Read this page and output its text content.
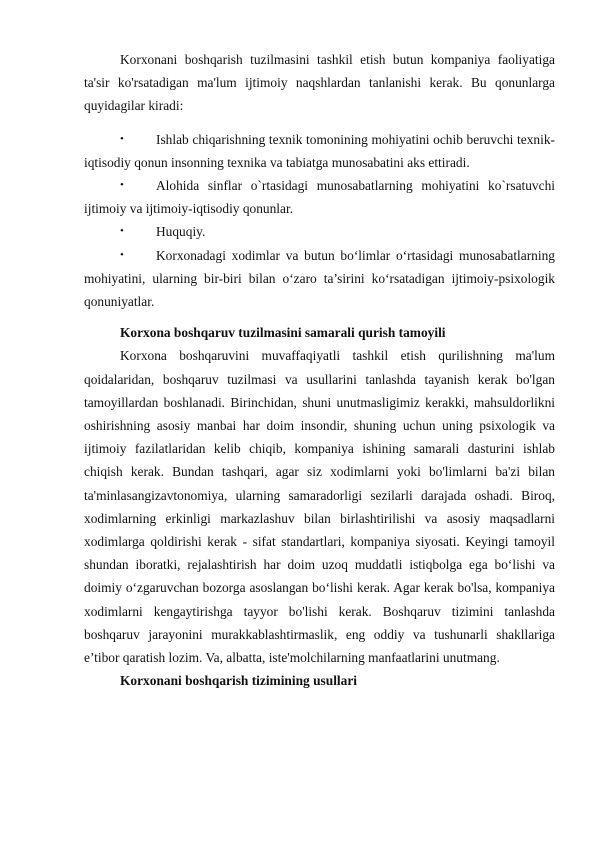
Korxonani boshqarish tuzilmasini tashkil etish butun kompaniya faoliyatiga ta'sir ko'rsatadigan ma'lum ijtimoiy naqshlardan tanlanishi kerak. Bu qonunlarga quyidagilar kiradi:

• Ishlab chiqarishning texnik tomonining mohiyatini ochib beruvchi texnik-iqtisodiy qonun insonning texnika va tabiatga munosabatini aks ettiradi.
• Alohida sinflar o`rtasidagi munosabatlarning mohiyatini ko`rsatuvchi ijtimoiy va ijtimoiy-iqtisodiy qonunlar.
• Huquqiy.
• Korxonadagi xodimlar va butun bo‘limlar o‘rtasidagi munosabatlarning mohiyatini, ularning bir-biri bilan o‘zaro ta’sirini ko‘rsatadigan ijtimoiy-psixologik qonuniyatlar.

Korxona boshqaruv tuzilmasini samarali qurish tamoyili

Korxona boshqaruvini muvaffaqiyatli tashkil etish qurilishning ma'lum qoidalaridan, boshqaruv tuzilmasi va usullarini tanlashda tayanish kerak bo'lgan tamoyillardan boshlanadi. Birinchidan, shuni unutmasligimiz kerakki, mahsuldorlikni oshirishning asosiy manbai har doim insondir, shuning uchun uning psixologik va ijtimoiy fazilatlaridan kelib chiqib, kompaniya ishining samarali dasturini ishlab chiqish kerak. Bundan tashqari, agar siz xodimlarni yoki bo'limlarni ba'zi bilan ta'minlasangizavtonomiya, ularning samaradorligi sezilarli darajada oshadi. Biroq, xodimlarning erkinligi markazlashuv bilan birlashtirilishi va asosiy maqsadlarni xodimlarga qoldirishi kerak - sifat standartlari, kompaniya siyosati. Keyingi tamoyil shundan iboratki, rejalashtirish har doim uzoq muddatli istiqbolga ega bo‘lishi va doimiy o‘zgaruvchan bozorga asoslangan bo‘lishi kerak. Agar kerak bo'lsa, kompaniya xodimlarni kengaytirishga tayyor bo'lishi kerak. Boshqaruv tizimini tanlashda boshqaruv jarayonini murakkablashtirmaslik, eng oddiy va tushunarli shakllariga e’tibor qaratish lozim. Va, albatta, iste'molchilarning manfaatlarini unutmang.

Korxonani boshqarish tizimining usullari
